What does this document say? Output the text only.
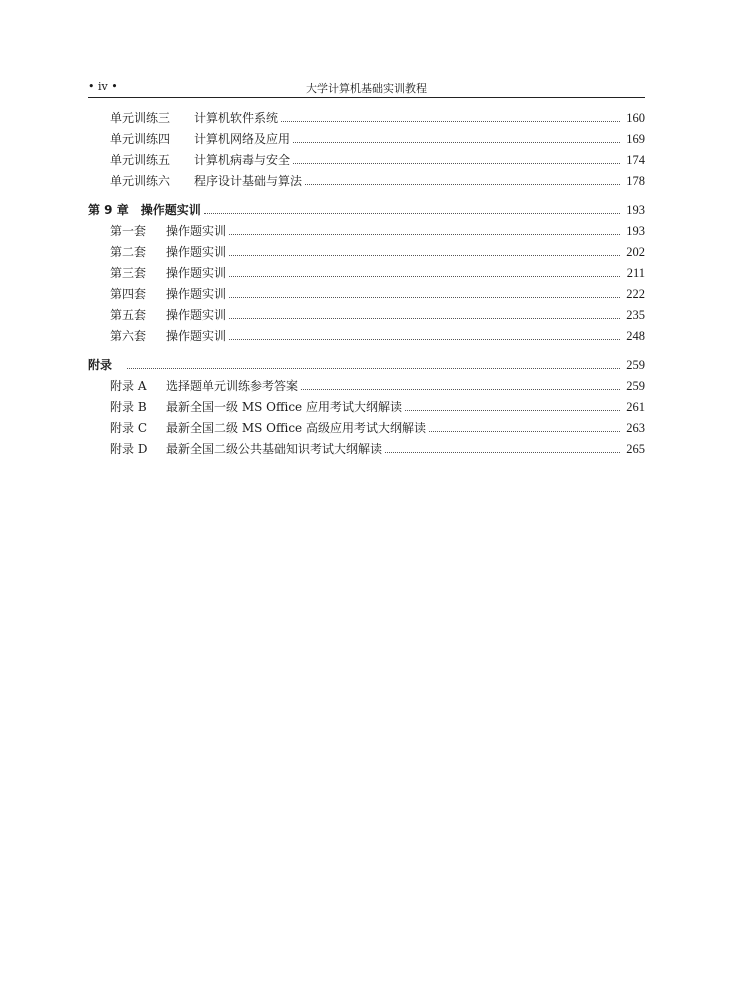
• iv •	大学计算机基础实训教程
单元训练三	计算机软件系统	160
单元训练四	计算机网络及应用	169
单元训练五	计算机病毒与安全	174
单元训练六	程序设计基础与算法	178
第 9 章 操作题实训	193
第一套	操作题实训	193
第二套	操作题实训	202
第三套	操作题实训	211
第四套	操作题实训	222
第五套	操作题实训	235
第六套	操作题实训	248
附录	259
附录 A	选择题单元训练参考答案	259
附录 B	最新全国一级 MS Office 应用考试大纲解读	261
附录 C	最新全国二级 MS Office 高级应用考试大纲解读	263
附录 D	最新全国二级公共基础知识考试大纲解读	265
